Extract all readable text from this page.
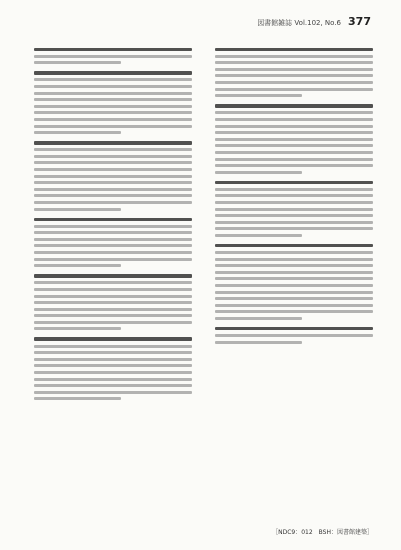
図書館雑誌 Vol.102, No.6 377
［NDC9：012　BSH：図書館建築］
